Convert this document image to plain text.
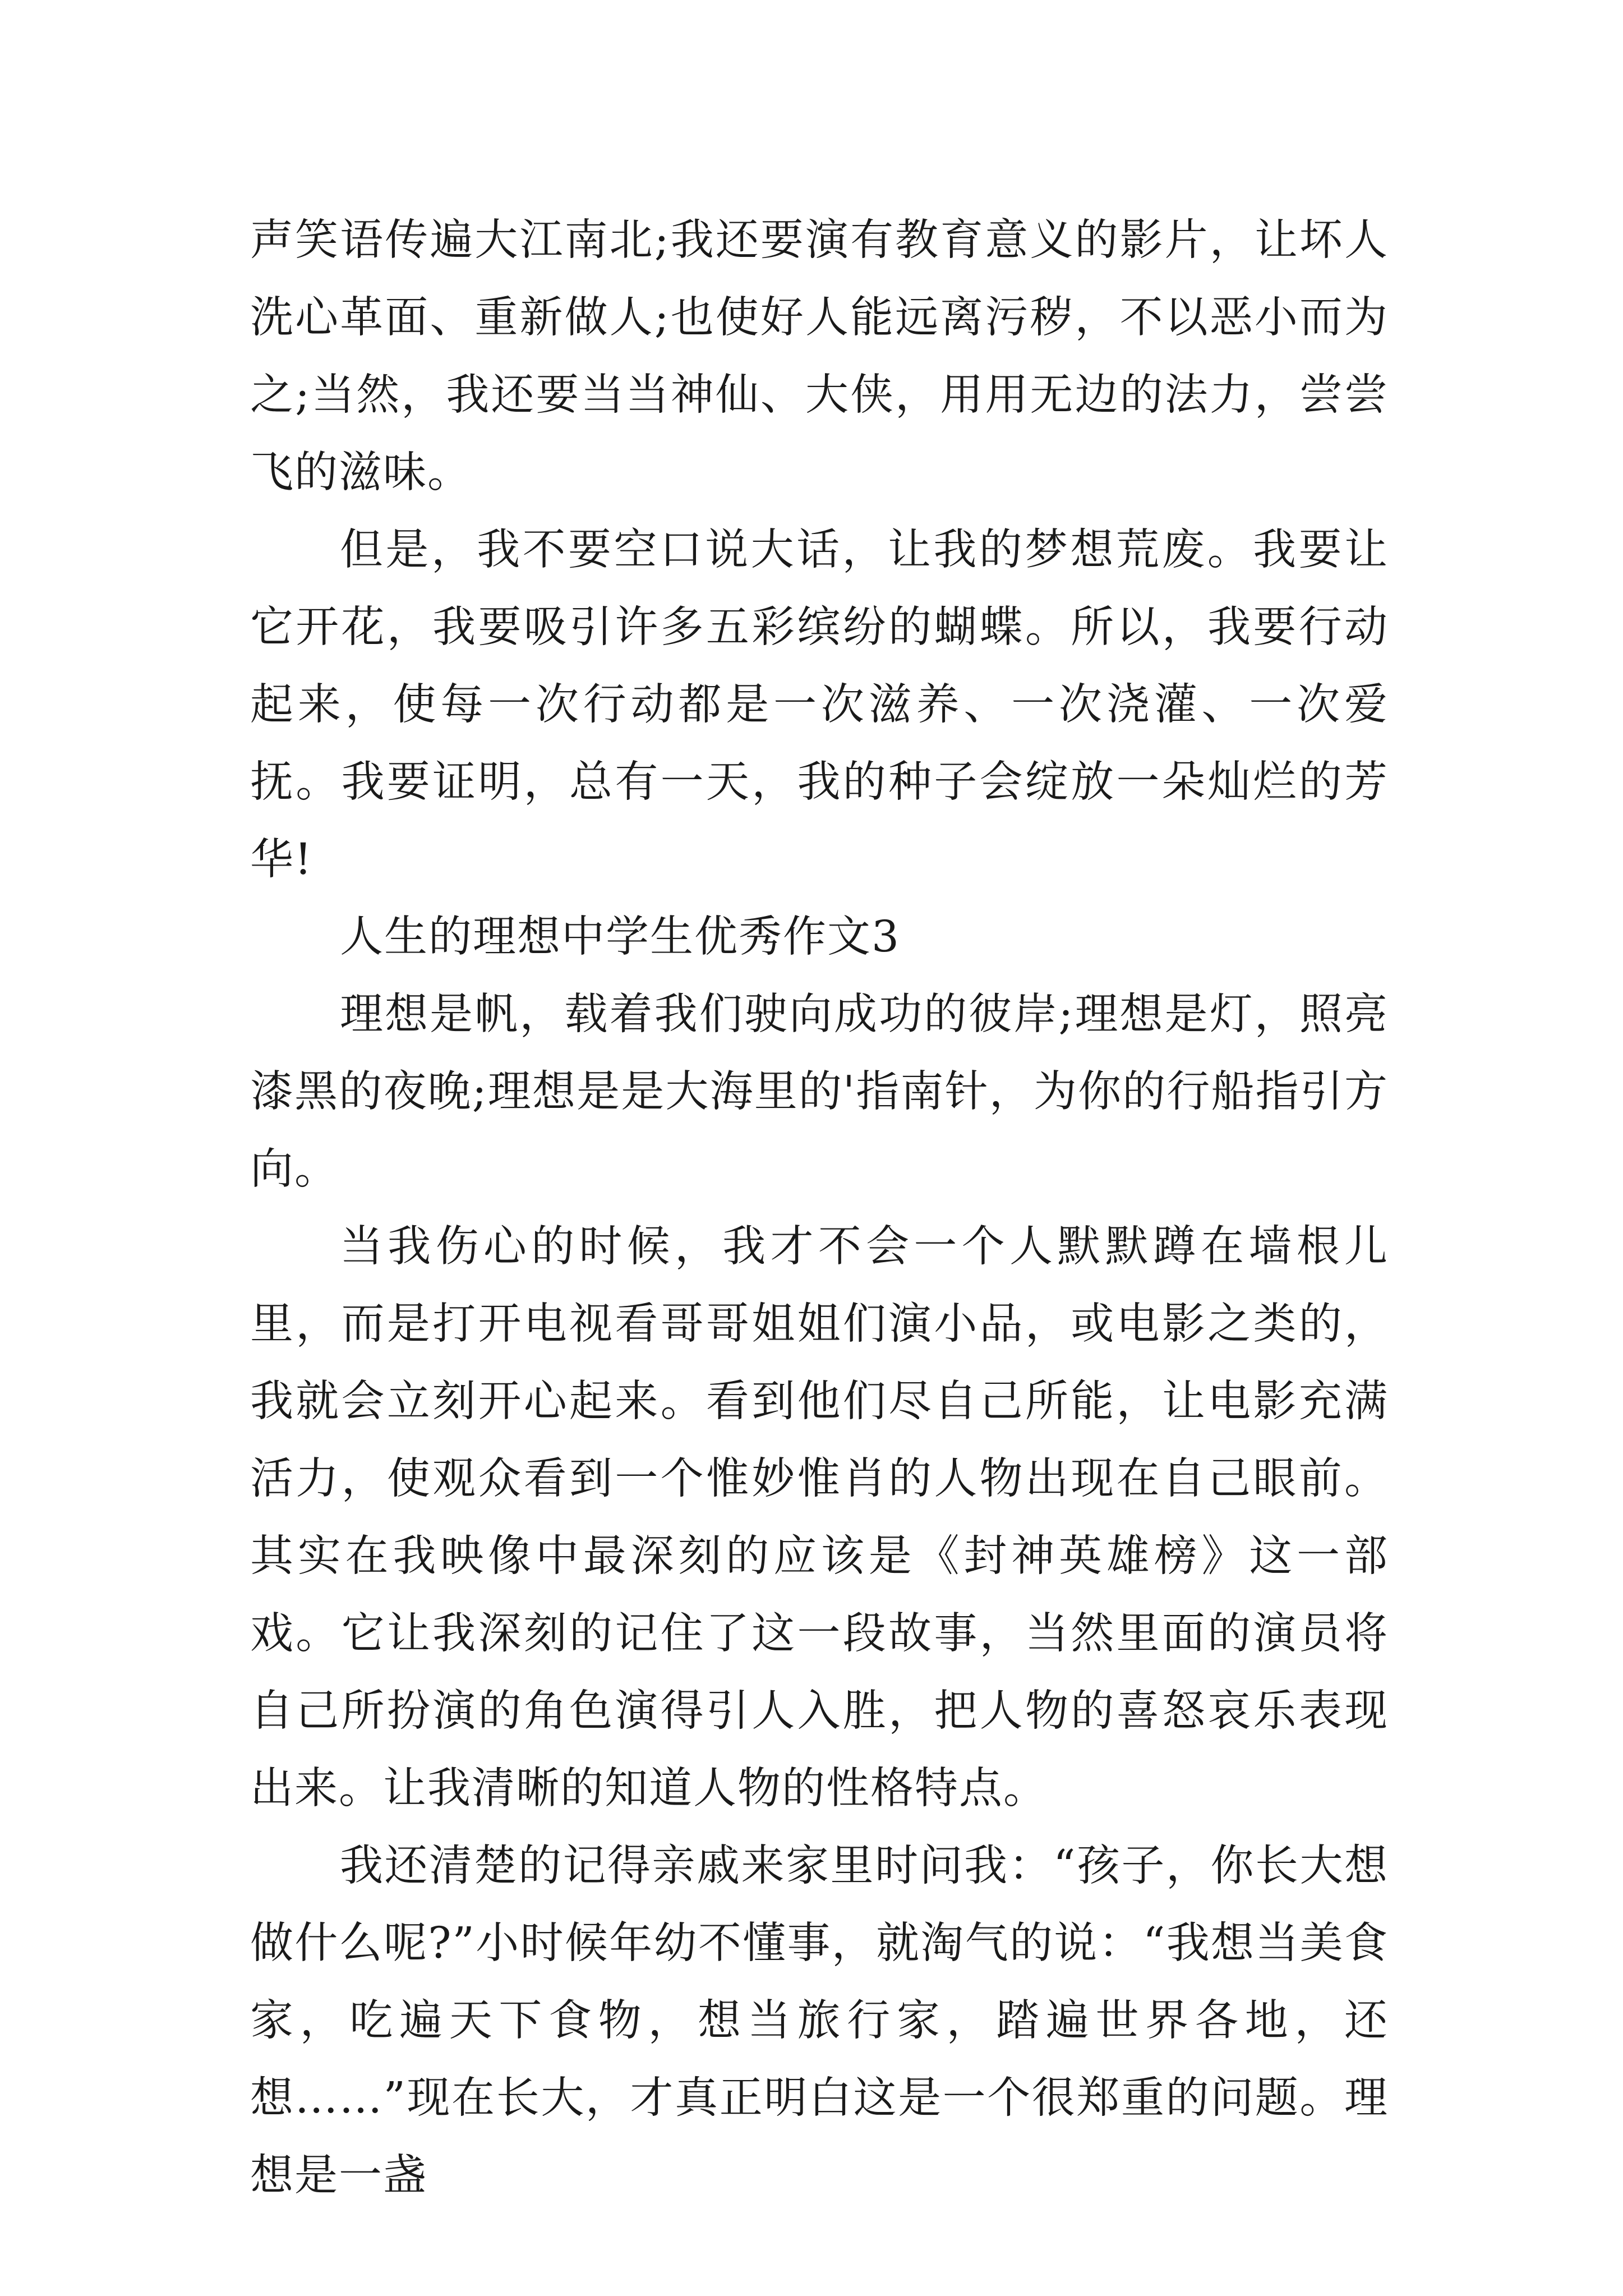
声笑语传遍大江南北;我还要演有教育意义的影片，让坏人洗心革面、重新做人;也使好人能远离污秽，不以恶小而为之;当然，我还要当当神仙、大侠，用用无边的法力，尝尝飞的滋味。

但是，我不要空口说大话，让我的梦想荒废。我要让它开花，我要吸引许多五彩缤纷的蝴蝶。所以，我要行动起来，使每一次行动都是一次滋养、一次浇灌、一次爱抚。我要证明，总有一天，我的种子会绽放一朵灿烂的芳华!

人生的理想中学生优秀作文3

理想是帆，载着我们驶向成功的彼岸;理想是灯，照亮漆黑的夜晚;理想是是大海里的'指南针，为你的行船指引方向。

当我伤心的时候，我才不会一个人默默蹲在墙根儿里，而是打开电视看哥哥姐姐们演小品，或电影之类的，我就会立刻开心起来。看到他们尽自己所能，让电影充满活力，使观众看到一个惟妙惟肖的人物出现在自己眼前。其实在我映像中最深刻的应该是《封神英雄榜》这一部戏。它让我深刻的记住了这一段故事，当然里面的演员将自己所扮演的角色演得引人入胜，把人物的喜怒哀乐表现出来。让我清晰的知道人物的性格特点。

我还清楚的记得亲戚来家里时问我：“孩子，你长大想做什么呢?”小时候年幼不懂事，就淘气的说：“我想当美食家，吃遍天下食物，想当旅行家，踏遍世界各地，还想……”现在长大，才真正明白这是一个很郑重的问题。理想是一盏
